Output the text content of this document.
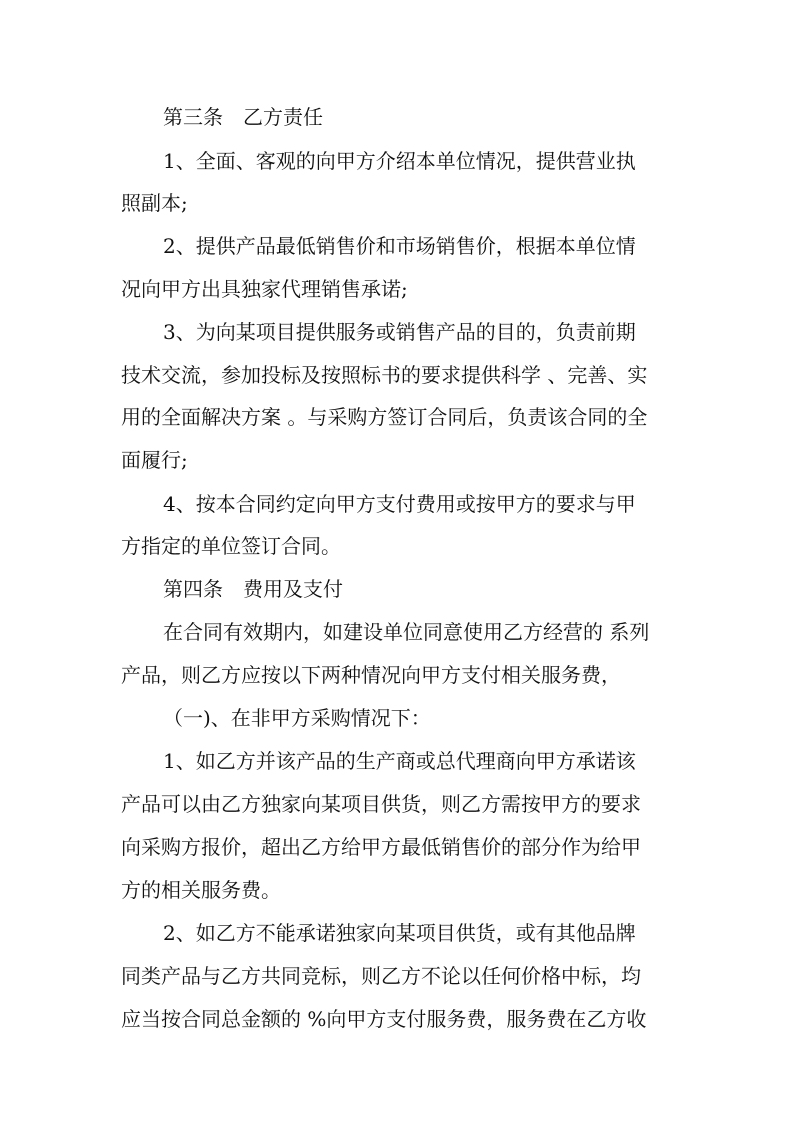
第三条　乙方责任
1、全面、客观的向甲方介绍本单位情况，提供营业执
照副本;
2、提供产品最低销售价和市场销售价，根据本单位情
况向甲方出具独家代理销售承诺;
3、为向某项目提供服务或销售产品的目的，负责前期
技术交流，参加投标及按照标书的要求提供科学 、完善、实
用的全面解决方案 。与采购方签订合同后，负责该合同的全
面履行;
4、按本合同约定向甲方支付费用或按甲方的要求与甲
方指定的单位签订合同。
第四条　费用及支付
在合同有效期内，如建设单位同意使用乙方经营的 系列
产品，则乙方应按以下两种情况向甲方支付相关服务费，
（一)、在非甲方采购情况下：
1、如乙方并该产品的生产商或总代理商向甲方承诺该
产品可以由乙方独家向某项目供货，则乙方需按甲方的要求
向采购方报价，超出乙方给甲方最低销售价的部分作为给甲
方的相关服务费。
2、如乙方不能承诺独家向某项目供货，或有其他品牌
同类产品与乙方共同竞标，则乙方不论以任何价格中标，均
应当按合同总金额的 %向甲方支付服务费，服务费在乙方收
